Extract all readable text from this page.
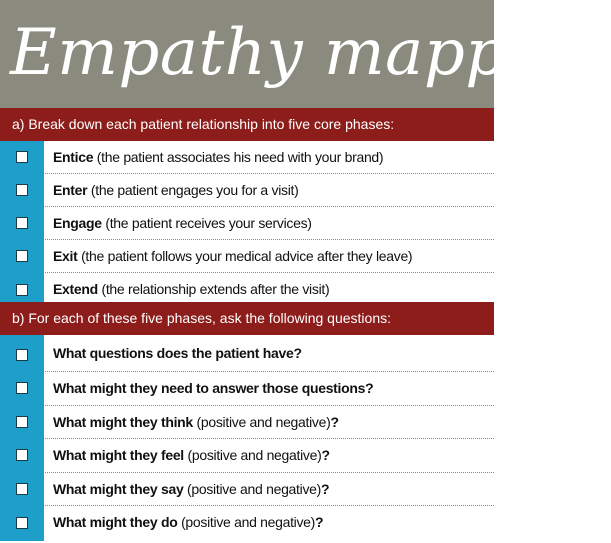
Empathy mapping
a) Break down each patient relationship into five core phases:
Entice (the patient associates his need with your brand)
Enter (the patient engages you for a visit)
Engage (the patient receives your services)
Exit (the patient follows your medical advice after they leave)
Extend (the relationship extends after the visit)
b) For each of these five phases, ask the following questions:
What questions does the patient have?
What might they need to answer those questions?
What might they think (positive and negative)?
What might they feel (positive and negative)?
What might they say (positive and negative)?
What might they do (positive and negative)?
